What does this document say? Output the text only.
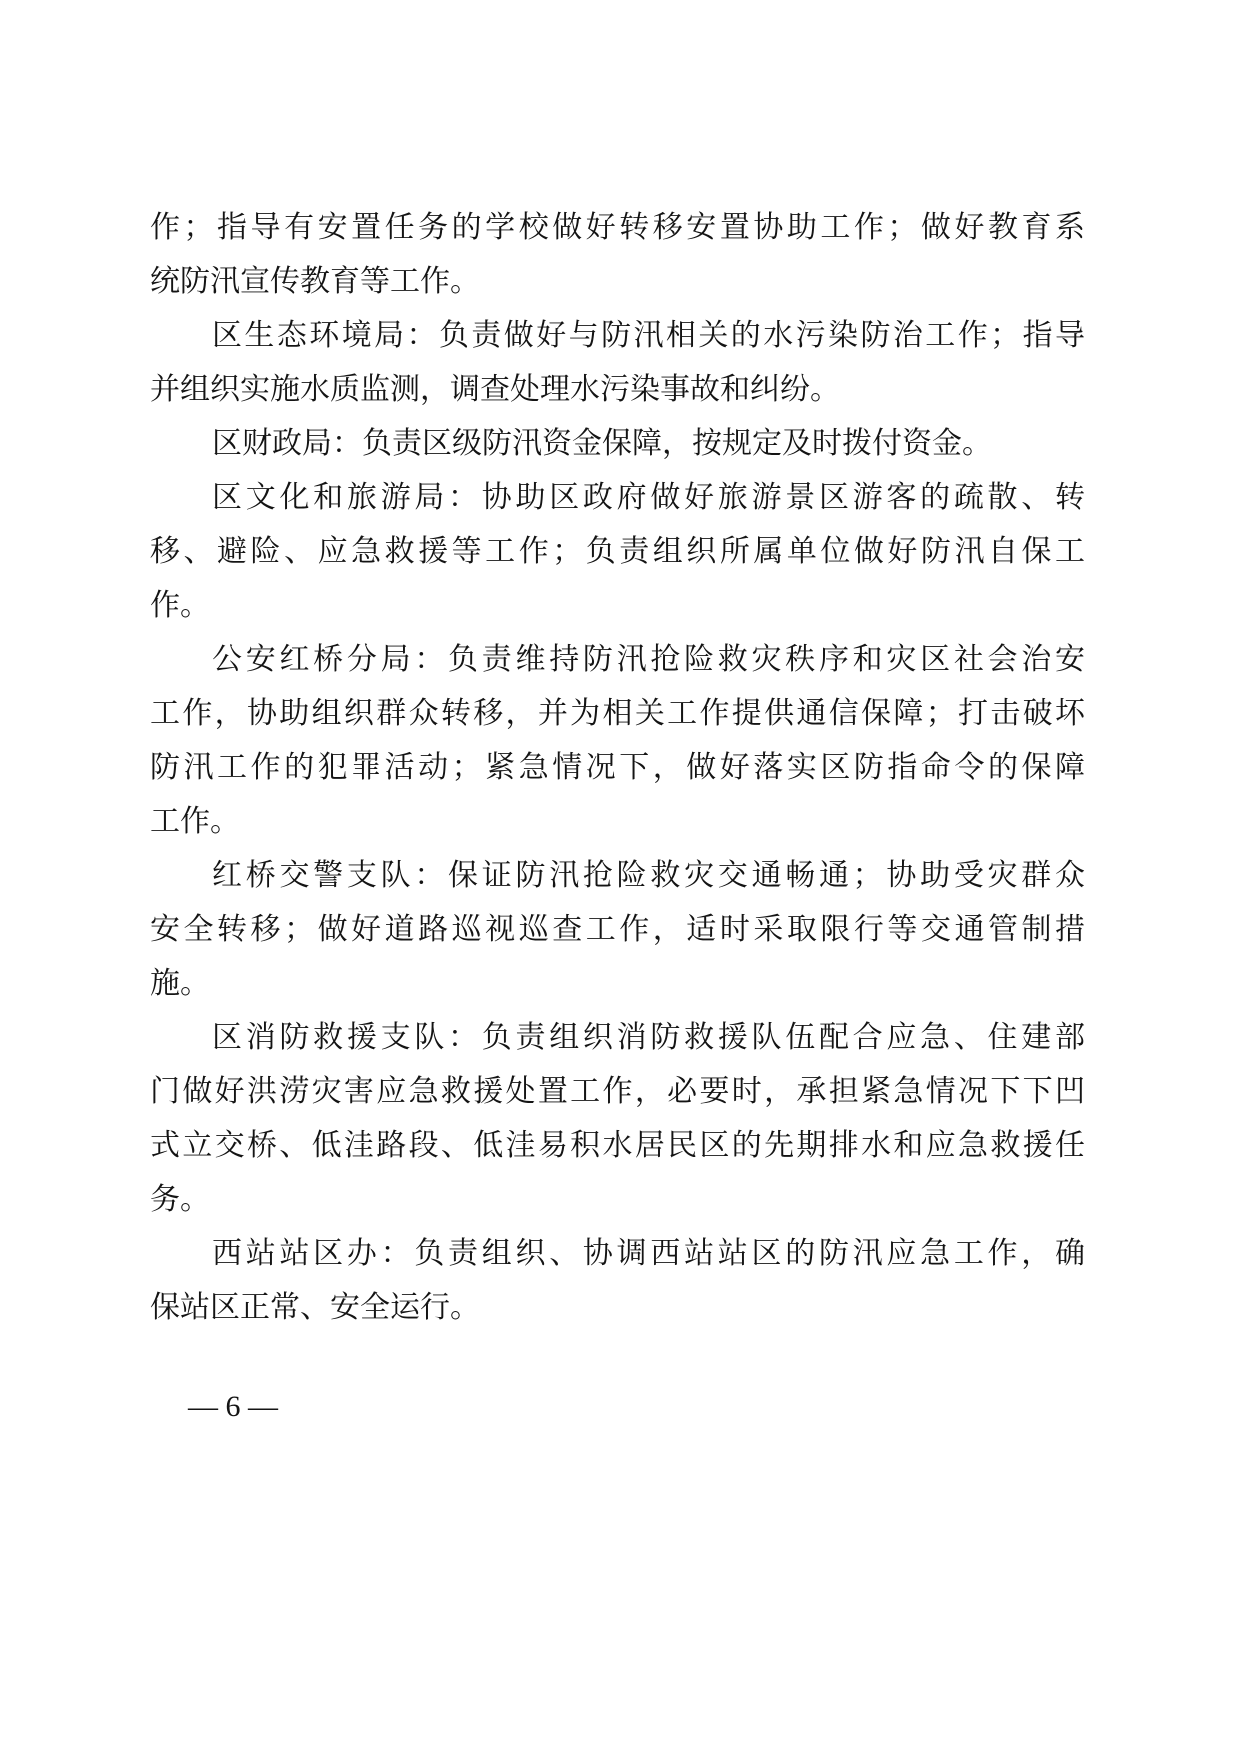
作；指导有安置任务的学校做好转移安置协助工作；做好教育系
统防汛宣传教育等工作。
区生态环境局：负责做好与防汛相关的水污染防治工作；指导
并组织实施水质监测，调查处理水污染事故和纠纷。
区财政局：负责区级防汛资金保障，按规定及时拨付资金。
区文化和旅游局：协助区政府做好旅游景区游客的疏散、转
移、避险、应急救援等工作；负责组织所属单位做好防汛自保工
作。
公安红桥分局：负责维持防汛抢险救灾秩序和灾区社会治安
工作，协助组织群众转移，并为相关工作提供通信保障；打击破坏
防汛工作的犯罪活动；紧急情况下，做好落实区防指命令的保障
工作。
红桥交警支队：保证防汛抢险救灾交通畅通；协助受灾群众
安全转移；做好道路巡视巡查工作，适时采取限行等交通管制措
施。
区消防救援支队：负责组织消防救援队伍配合应急、住建部
门做好洪涝灾害应急救援处置工作，必要时，承担紧急情况下下凹
式立交桥、低洼路段、低洼易积水居民区的先期排水和应急救援任
务。
西站站区办：负责组织、协调西站站区的防汛应急工作，确
保站区正常、安全运行。
— 6 —
